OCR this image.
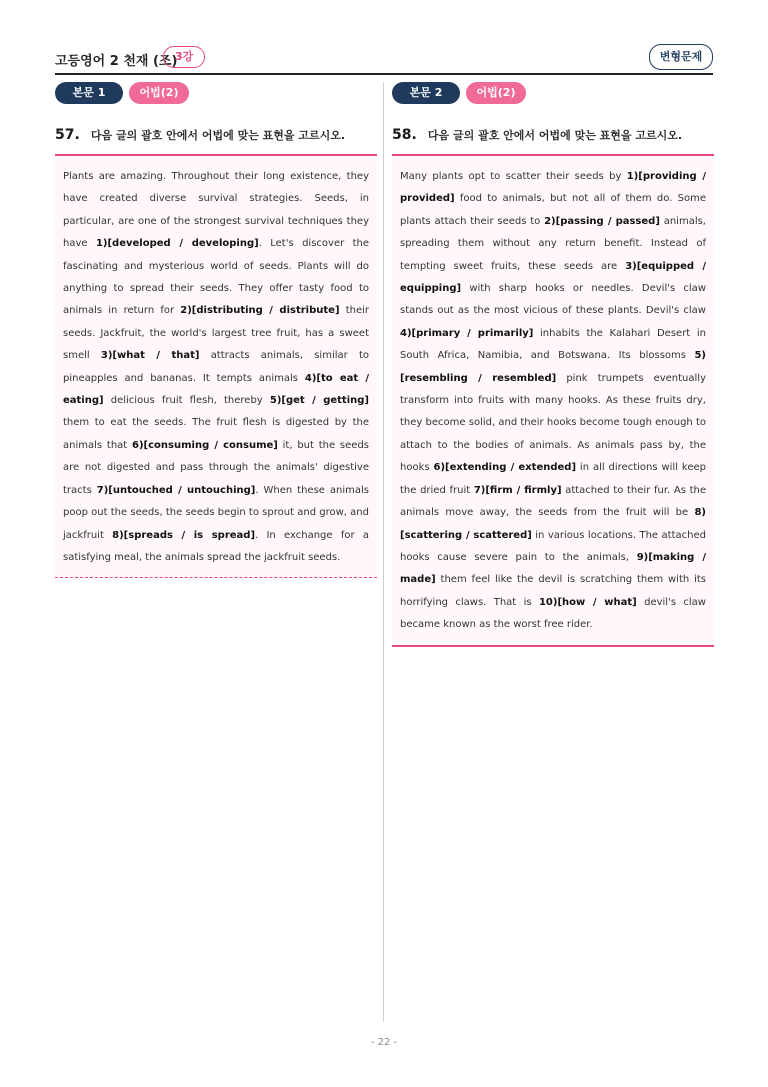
고등영어 2 천재 (조)
3강	변형문제
본문 1	어법(2)
57. 다음 글의 괄호 안에서 어법에 맞는 표현을 고르시오.
Plants are amazing. Throughout their long existence, they have created diverse survival strategies. Seeds, in particular, are one of the strongest survival techniques they have 1)[developed / developing]. Let's discover the fascinating and mysterious world of seeds. Plants will do anything to spread their seeds. They offer tasty food to animals in return for 2)[distributing / distribute] their seeds. Jackfruit, the world's largest tree fruit, has a sweet smell 3)[what / that] attracts animals, similar to pineapples and bananas. It tempts animals 4)[to eat / eating] delicious fruit flesh, thereby 5)[get / getting] them to eat the seeds. The fruit flesh is digested by the animals that 6)[consuming / consume] it, but the seeds are not digested and pass through the animals' digestive tracts 7)[untouched / untouching]. When these animals poop out the seeds, the seeds begin to sprout and grow, and jackfruit 8)[spreads / is spread]. In exchange for a satisfying meal, the animals spread the jackfruit seeds.
본문 2	어법(2)
58. 다음 글의 괄호 안에서 어법에 맞는 표현을 고르시오.
Many plants opt to scatter their seeds by 1)[providing / provided] food to animals, but not all of them do. Some plants attach their seeds to 2)[passing / passed] animals, spreading them without any return benefit. Instead of tempting sweet fruits, these seeds are 3)[equipped / equipping] with sharp hooks or needles. Devil's claw stands out as the most vicious of these plants. Devil's claw 4)[primary / primarily] inhabits the Kalahari Desert in South Africa, Namibia, and Botswana. Its blossoms 5)[resembling / resembled] pink trumpets eventually transform into fruits with many hooks. As these fruits dry, they become solid, and their hooks become tough enough to attach to the bodies of animals. As animals pass by, the hooks 6)[extending / extended] in all directions will keep the dried fruit 7)[firm / firmly] attached to their fur. As the animals move away, the seeds from the fruit will be 8)[scattering / scattered] in various locations. The attached hooks cause severe pain to the animals, 9)[making / made] them feel like the devil is scratching them with its horrifying claws. That is 10)[how / what] devil's claw became known as the worst free rider.
- 22 -
